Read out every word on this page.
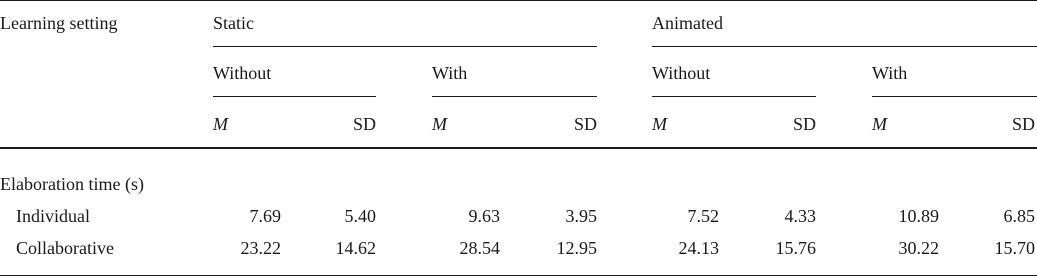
Learning setting	Static	Animated
Without	With	Without	With
M	SD	M	SD	M	SD	M	SD
Elaboration time (s)
Individual	7.69	5.40	9.63	3.95	7.52	4.33	10.89	6.85
Collaborative	23.22	14.62	28.54	12.95	24.13	15.76	30.22	15.70
